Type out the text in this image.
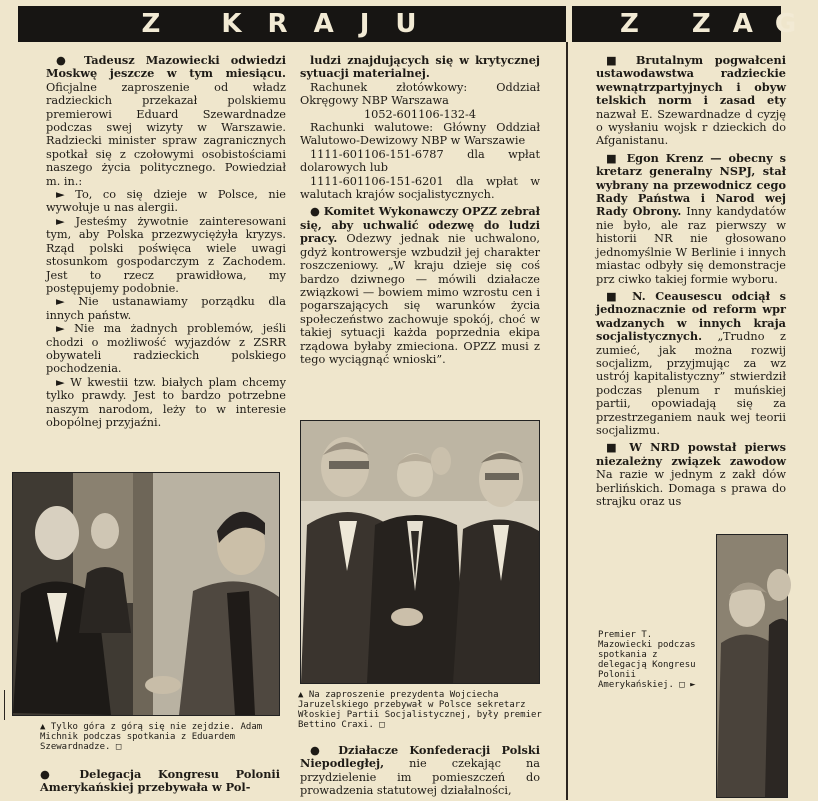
Z KRAJU	Z ZAG

● Tadeusz Mazowiecki odwiedzi Moskwę jeszcze w tym miesiącu. Oficjalne zaproszenie od władz radzieckich przekazał polskiemu premierowi Eduard Szewardnadze podczas swej wizyty w Warszawie. Radziecki minister spraw zagranicznych spotkał się z czołowymi osobistościami naszego życia politycznego. Powiedział m. in.:

► To, co się dzieje w Polsce, nie wywołuje u nas alergii.

► Jesteśmy żywotnie zainteresowani tym, aby Polska przezwyciężyła kryzys. Rząd polski poświęca wiele uwagi stosunkom gospodarczym z Zachodem. Jest to rzecz prawidłowa, my postępujemy podobnie.

► Nie ustanawiamy porządku dla innych państw.

► Nie ma żadnych problemów, jeśli chodzi o możliwość wyjazdów z ZSRR obywateli radzieckich polskiego pochodzenia.

► W kwestii tzw. białych plam chcemy tylko prawdy. Jest to bardzo potrzebne naszym narodom, leży to w interesie obopólnej przyjaźni.

▲ Tylko góra z górą się nie zejdzie. Adam Michnik podczas spotkania z Eduardem Szewardnadze. □

● Delegacja Kongresu Polonii Amerykańskiej przebywała w Pol-

ludzi znajdujących się w krytycznej sytuacji materialnej.

Rachunek złotówkowy: Oddział Okręgowy NBP Warszawa

1052-601106-132-4

Rachunki walutowe: Główny Oddział Walutowo-Dewizowy NBP w Warszawie

1111-601106-151-6787 dla wpłat dolarowych lub

1111-601106-151-6201 dla wpłat w walutach krajów socjalistycznych.

● Komitet Wykonawczy OPZZ zebrał się, aby uchwalić odezwę do ludzi pracy. Odezwy jednak nie uchwalono, gdyż kontrowersje wzbudził jej charakter roszczeniowy. „W kraju dzieje się coś bardzo dziwnego — mówili działacze związkowi — bowiem mimo wzrostu cen i pogarszających się warunków życia społeczeństwo zachowuje spokój, choć w takiej sytuacji każda poprzednia ekipa rządowa byłaby zmieciona. OPZZ musi z tego wyciągnąć wnioski”.

▲ Na zaproszenie prezydenta Wojciecha Jaruzelskiego przebywał w Polsce sekretarz Włoskiej Partii Socjalistycznej, były premier Bettino Craxi. □

● Działacze Konfederacji Polski Niepodległej, nie czekając na przydzielenie im pomieszczeń do prowadzenia statutowej działalności,

■ Brutalnym pogwałceni ustawodawstwa radzieckie wewnątrzpartyjnych i obyw telskich norm i zasad ety nazwał E. Szewardnadze d cyzję o wysłaniu wojsk r dzieckich do Afganistanu.

■ Egon Krenz — obecny s kretarz generalny NSPJ, stał wybrany na przewodnicz cego Rady Państwa i Narod wej Rady Obrony. Inny kandydatów nie było, ale raz pierwszy w historii NR nie głosowano jednomyślnie W Berlinie i innych miastac odbyły się demonstracje prz ciwko takiej formie wyboru.

■ N. Ceausescu odciął s jednoznacznie od reform wpr wadzanych w innych kraja socjalistycznych. „Trudno z zumieć, jak można rozwij socjalizm, przyjmując za wz ustrój kapitalistyczny” stwierdził podczas plenum r muńskiej partii, opowiadają się za przestrzeganiem nauk wej teorii socjalizmu.

■ W NRD powstał pierws niezależny związek zawodow Na razie w jednym z zakł dów berlińskich. Domaga s prawa do strajku oraz us

Premier T. Mazowiecki podczas spotkania z delegacją Kongresu Polonii Amerykańskiej. □ ►
